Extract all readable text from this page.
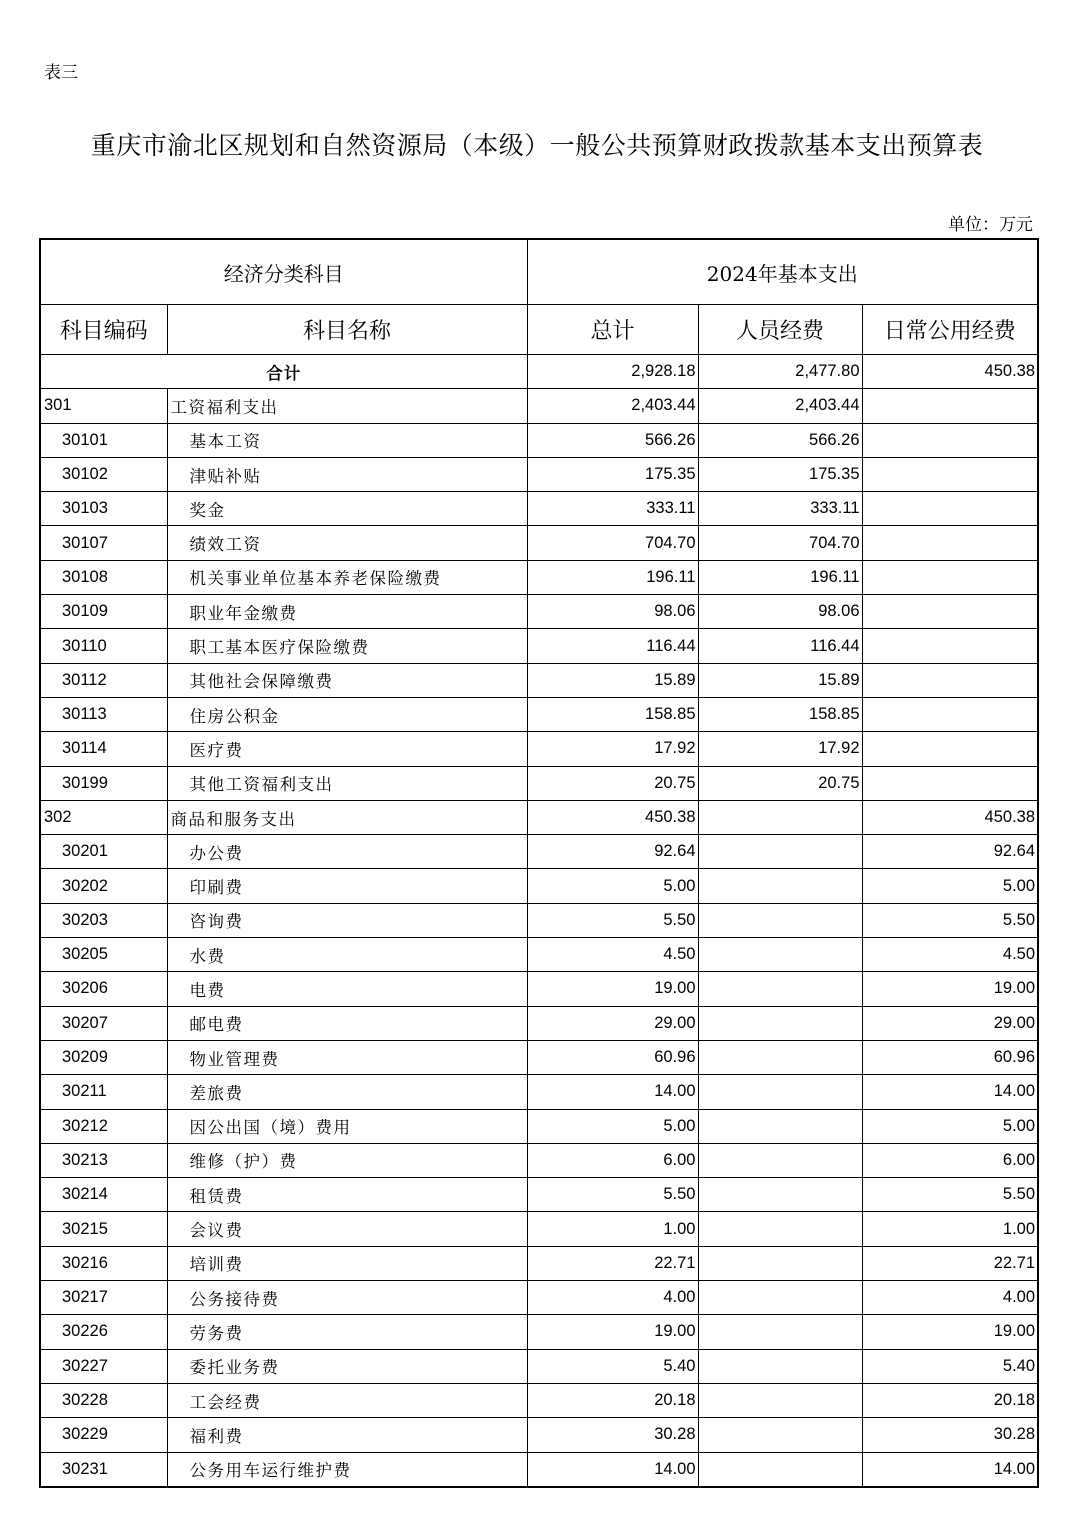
表三
重庆市渝北区规划和自然资源局（本级）一般公共预算财政拨款基本支出预算表
单位：万元
经济分类科目		2024年基本支出		
科目编码	科目名称	总计	人员经费	日常公用经费
合计		2,928.18	2,477.80	450.38
301	工资福利支出	2,403.44	2,403.44	
30101	基本工资	566.26	566.26	
30102	津贴补贴	175.35	175.35	
30103	奖金	333.11	333.11	
30107	绩效工资	704.70	704.70	
30108	机关事业单位基本养老保险缴费	196.11	196.11	
30109	职业年金缴费	98.06	98.06	
30110	职工基本医疗保险缴费	116.44	116.44	
30112	其他社会保障缴费	15.89	15.89	
30113	住房公积金	158.85	158.85	
30114	医疗费	17.92	17.92	
30199	其他工资福利支出	20.75	20.75	
302	商品和服务支出	450.38		450.38
30201	办公费	92.64		92.64
30202	印刷费	5.00		5.00
30203	咨询费	5.50		5.50
30205	水费	4.50		4.50
30206	电费	19.00		19.00
30207	邮电费	29.00		29.00
30209	物业管理费	60.96		60.96
30211	差旅费	14.00		14.00
30212	因公出国（境）费用	5.00		5.00
30213	维修（护）费	6.00		6.00
30214	租赁费	5.50		5.50
30215	会议费	1.00		1.00
30216	培训费	22.71		22.71
30217	公务接待费	4.00		4.00
30226	劳务费	19.00		19.00
30227	委托业务费	5.40		5.40
30228	工会经费	20.18		20.18
30229	福利费	30.28		30.28
30231	公务用车运行维护费	14.00		14.00
